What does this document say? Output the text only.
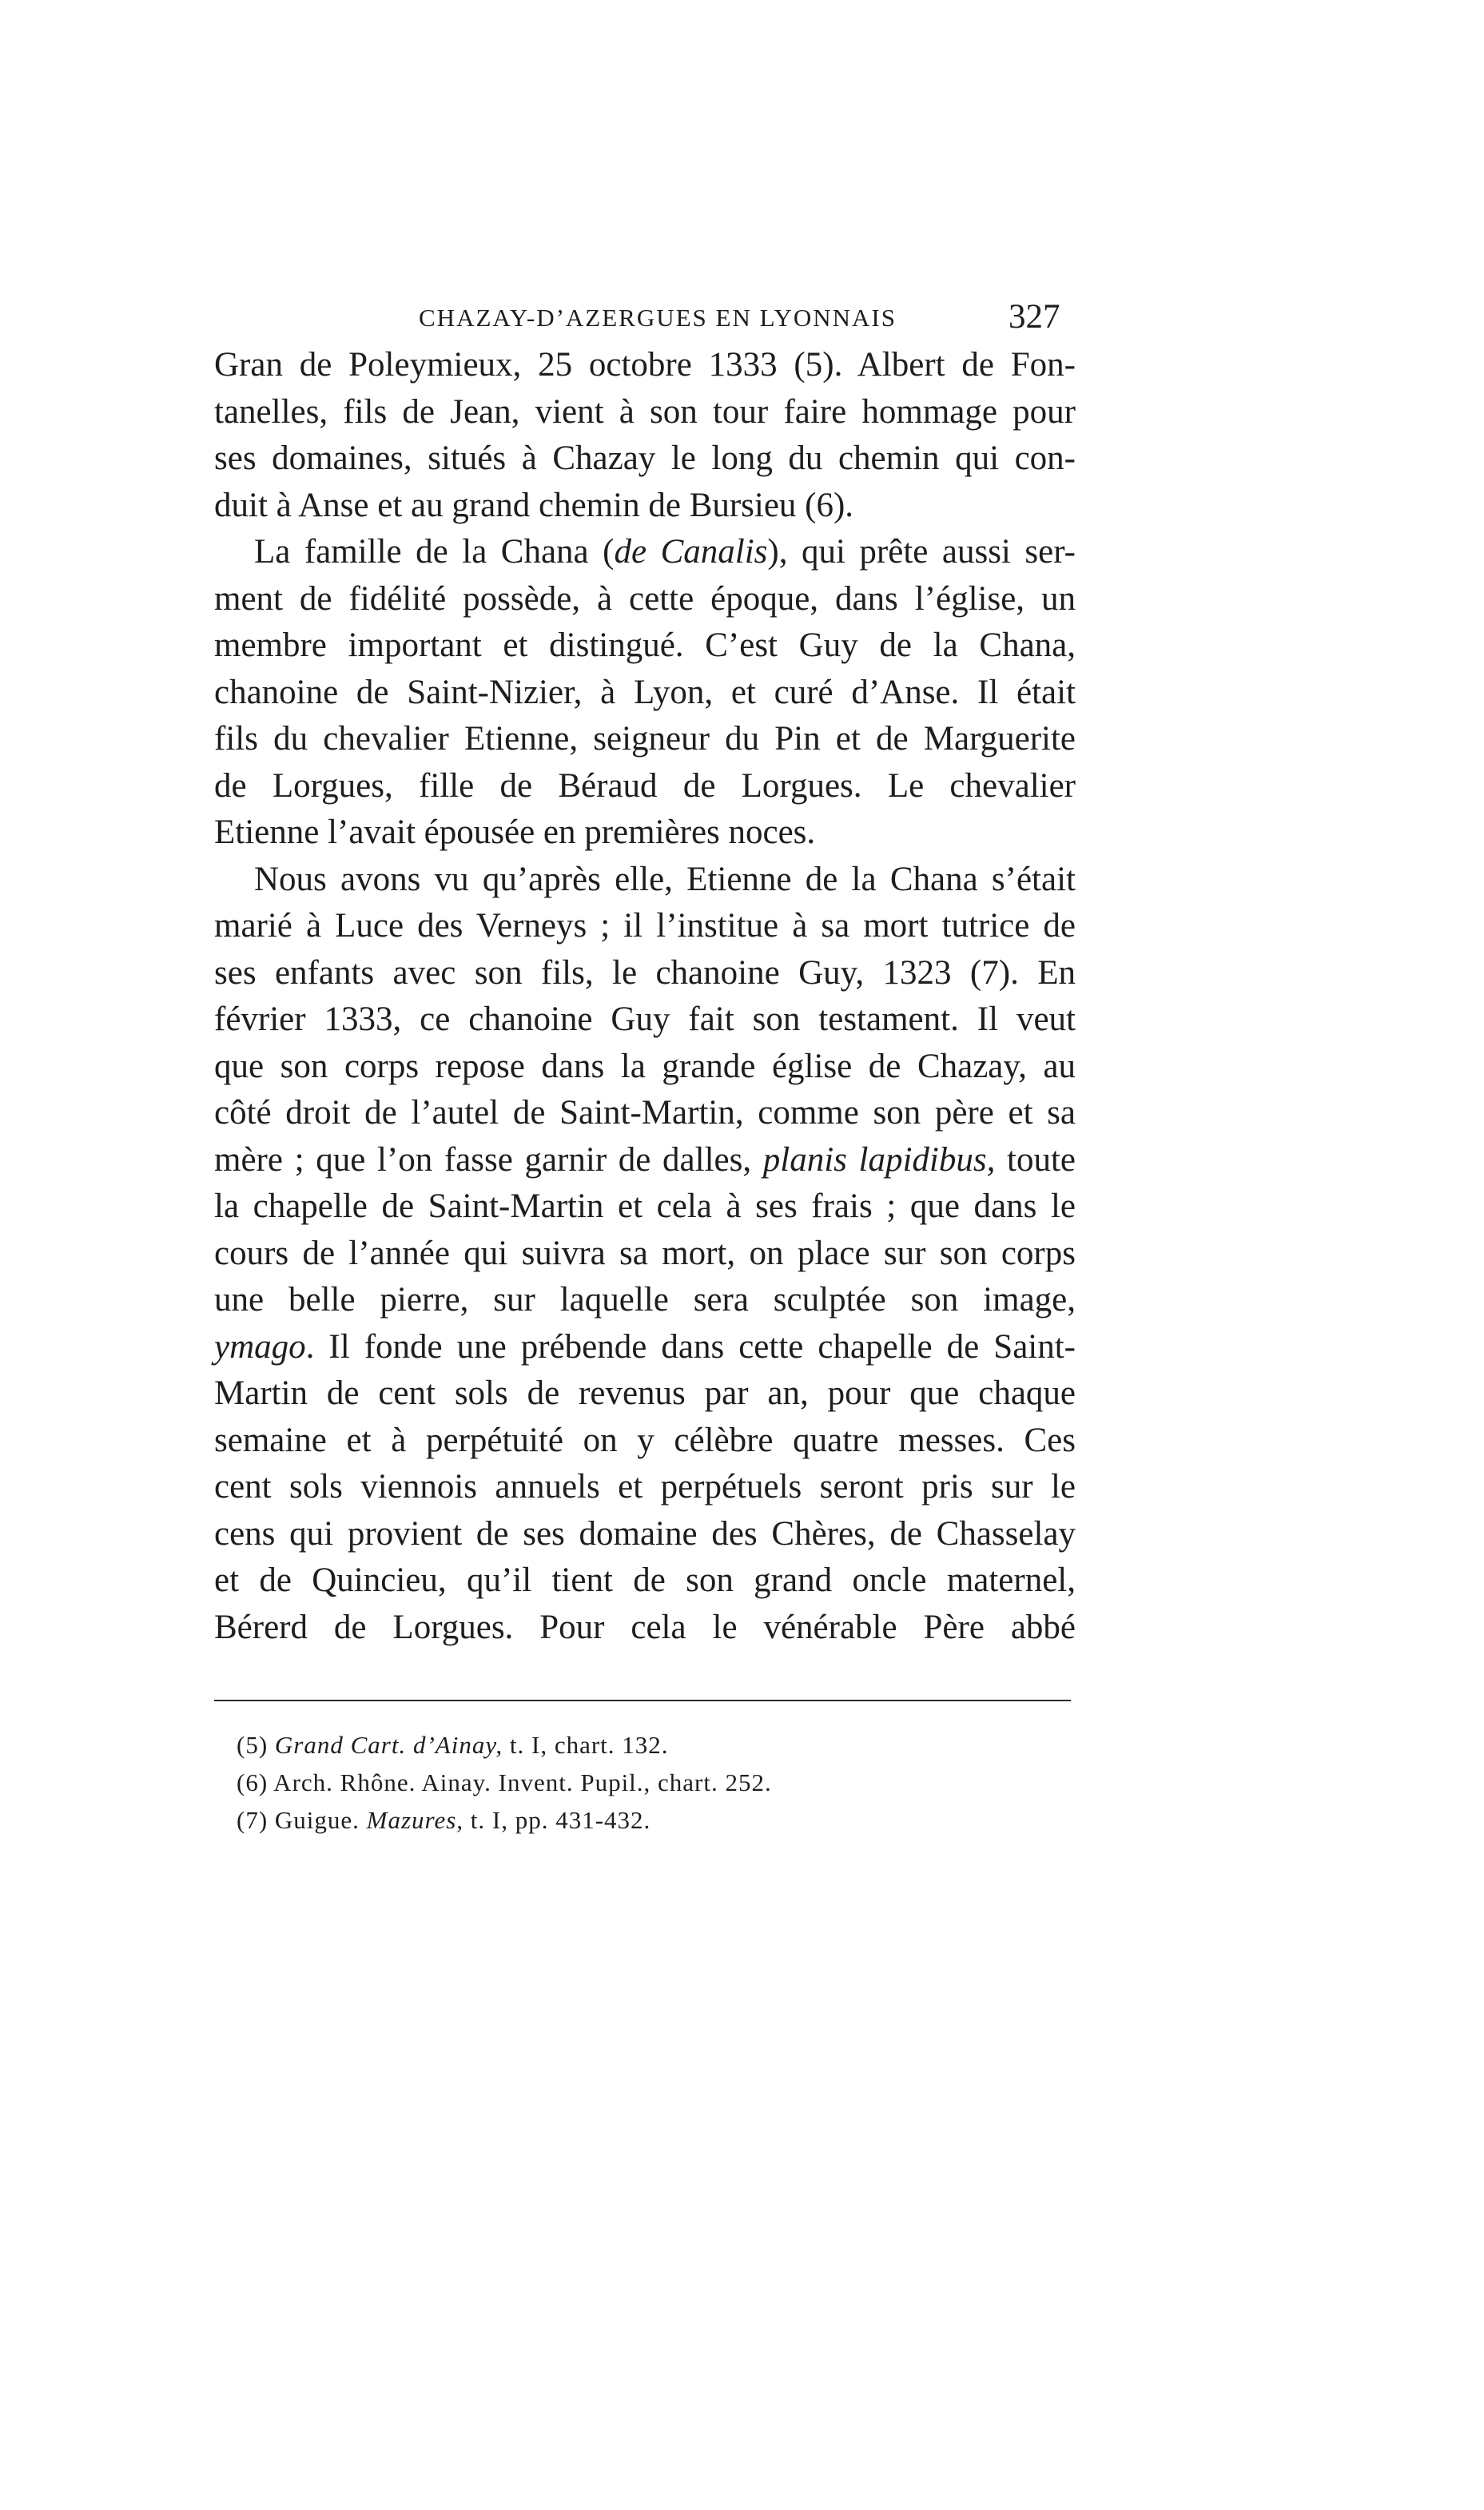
CHAZAY-D’AZERGUES EN LYONNAIS	327
Gran de Poleymieux, 25 octobre 1333 (5). Albert de Fon-
tanelles, fils de Jean, vient à son tour faire hommage pour
ses domaines, situés à Chazay le long du chemin qui con-
duit à Anse et au grand chemin de Bursieu (6).
La famille de la Chana (de Canalis), qui prête aussi ser-
ment de fidélité possède, à cette époque, dans l’église, un
membre important et distingué. C’est Guy de la Chana,
chanoine de Saint-Nizier, à Lyon, et curé d’Anse. Il était
fils du chevalier Etienne, seigneur du Pin et de Marguerite
de Lorgues, fille de Béraud de Lorgues. Le chevalier
Etienne l’avait épousée en premières noces.
Nous avons vu qu’après elle, Etienne de la Chana s’était
marié à Luce des Verneys ; il l’institue à sa mort tutrice de
ses enfants avec son fils, le chanoine Guy, 1323 (7). En
février 1333, ce chanoine Guy fait son testament. Il veut
que son corps repose dans la grande église de Chazay, au
côté droit de l’autel de Saint-Martin, comme son père et sa
mère ; que l’on fasse garnir de dalles, planis lapidibus, toute
la chapelle de Saint-Martin et cela à ses frais ; que dans le
cours de l’année qui suivra sa mort, on place sur son corps
une belle pierre, sur laquelle sera sculptée son image,
ymago. Il fonde une prébende dans cette chapelle de Saint-
Martin de cent sols de revenus par an, pour que chaque
semaine et à perpétuité on y célèbre quatre messes. Ces
cent sols viennois annuels et perpétuels seront pris sur le
cens qui provient de ses domaine des Chères, de Chasselay
et de Quincieu, qu’il tient de son grand oncle maternel,
Bérerd de Lorgues. Pour cela le vénérable Père abbé
(5) Grand Cart. d’Ainay, t. I, chart. 132.
(6) Arch. Rhône. Ainay. Invent. Pupil., chart. 252.
(7) Guigue. Mazures, t. I, pp. 431-432.
